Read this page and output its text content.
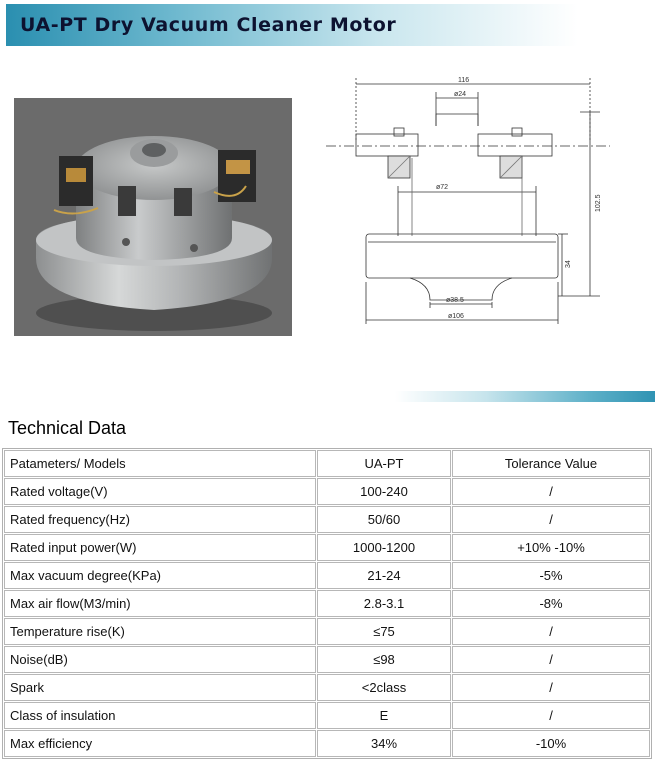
UA-PT Dry Vacuum Cleaner Motor
116
ø24
ø72
ø38.5
ø106
102.5
34
Technical Data
Patameters/ Models	UA-PT	Tolerance Value
Rated voltage(V)	100-240	/
Rated frequency(Hz)	50/60	/
Rated input power(W)	1000-1200	+10% -10%
Max vacuum degree(KPa)	21-24	-5%
Max air flow(M3/min)	2.8-3.1	-8%
Temperature rise(K)	≤75	/
Noise(dB)	≤98	/
Spark	<2class	/
Class of insulation	E	/
Max efficiency	34%	-10%
